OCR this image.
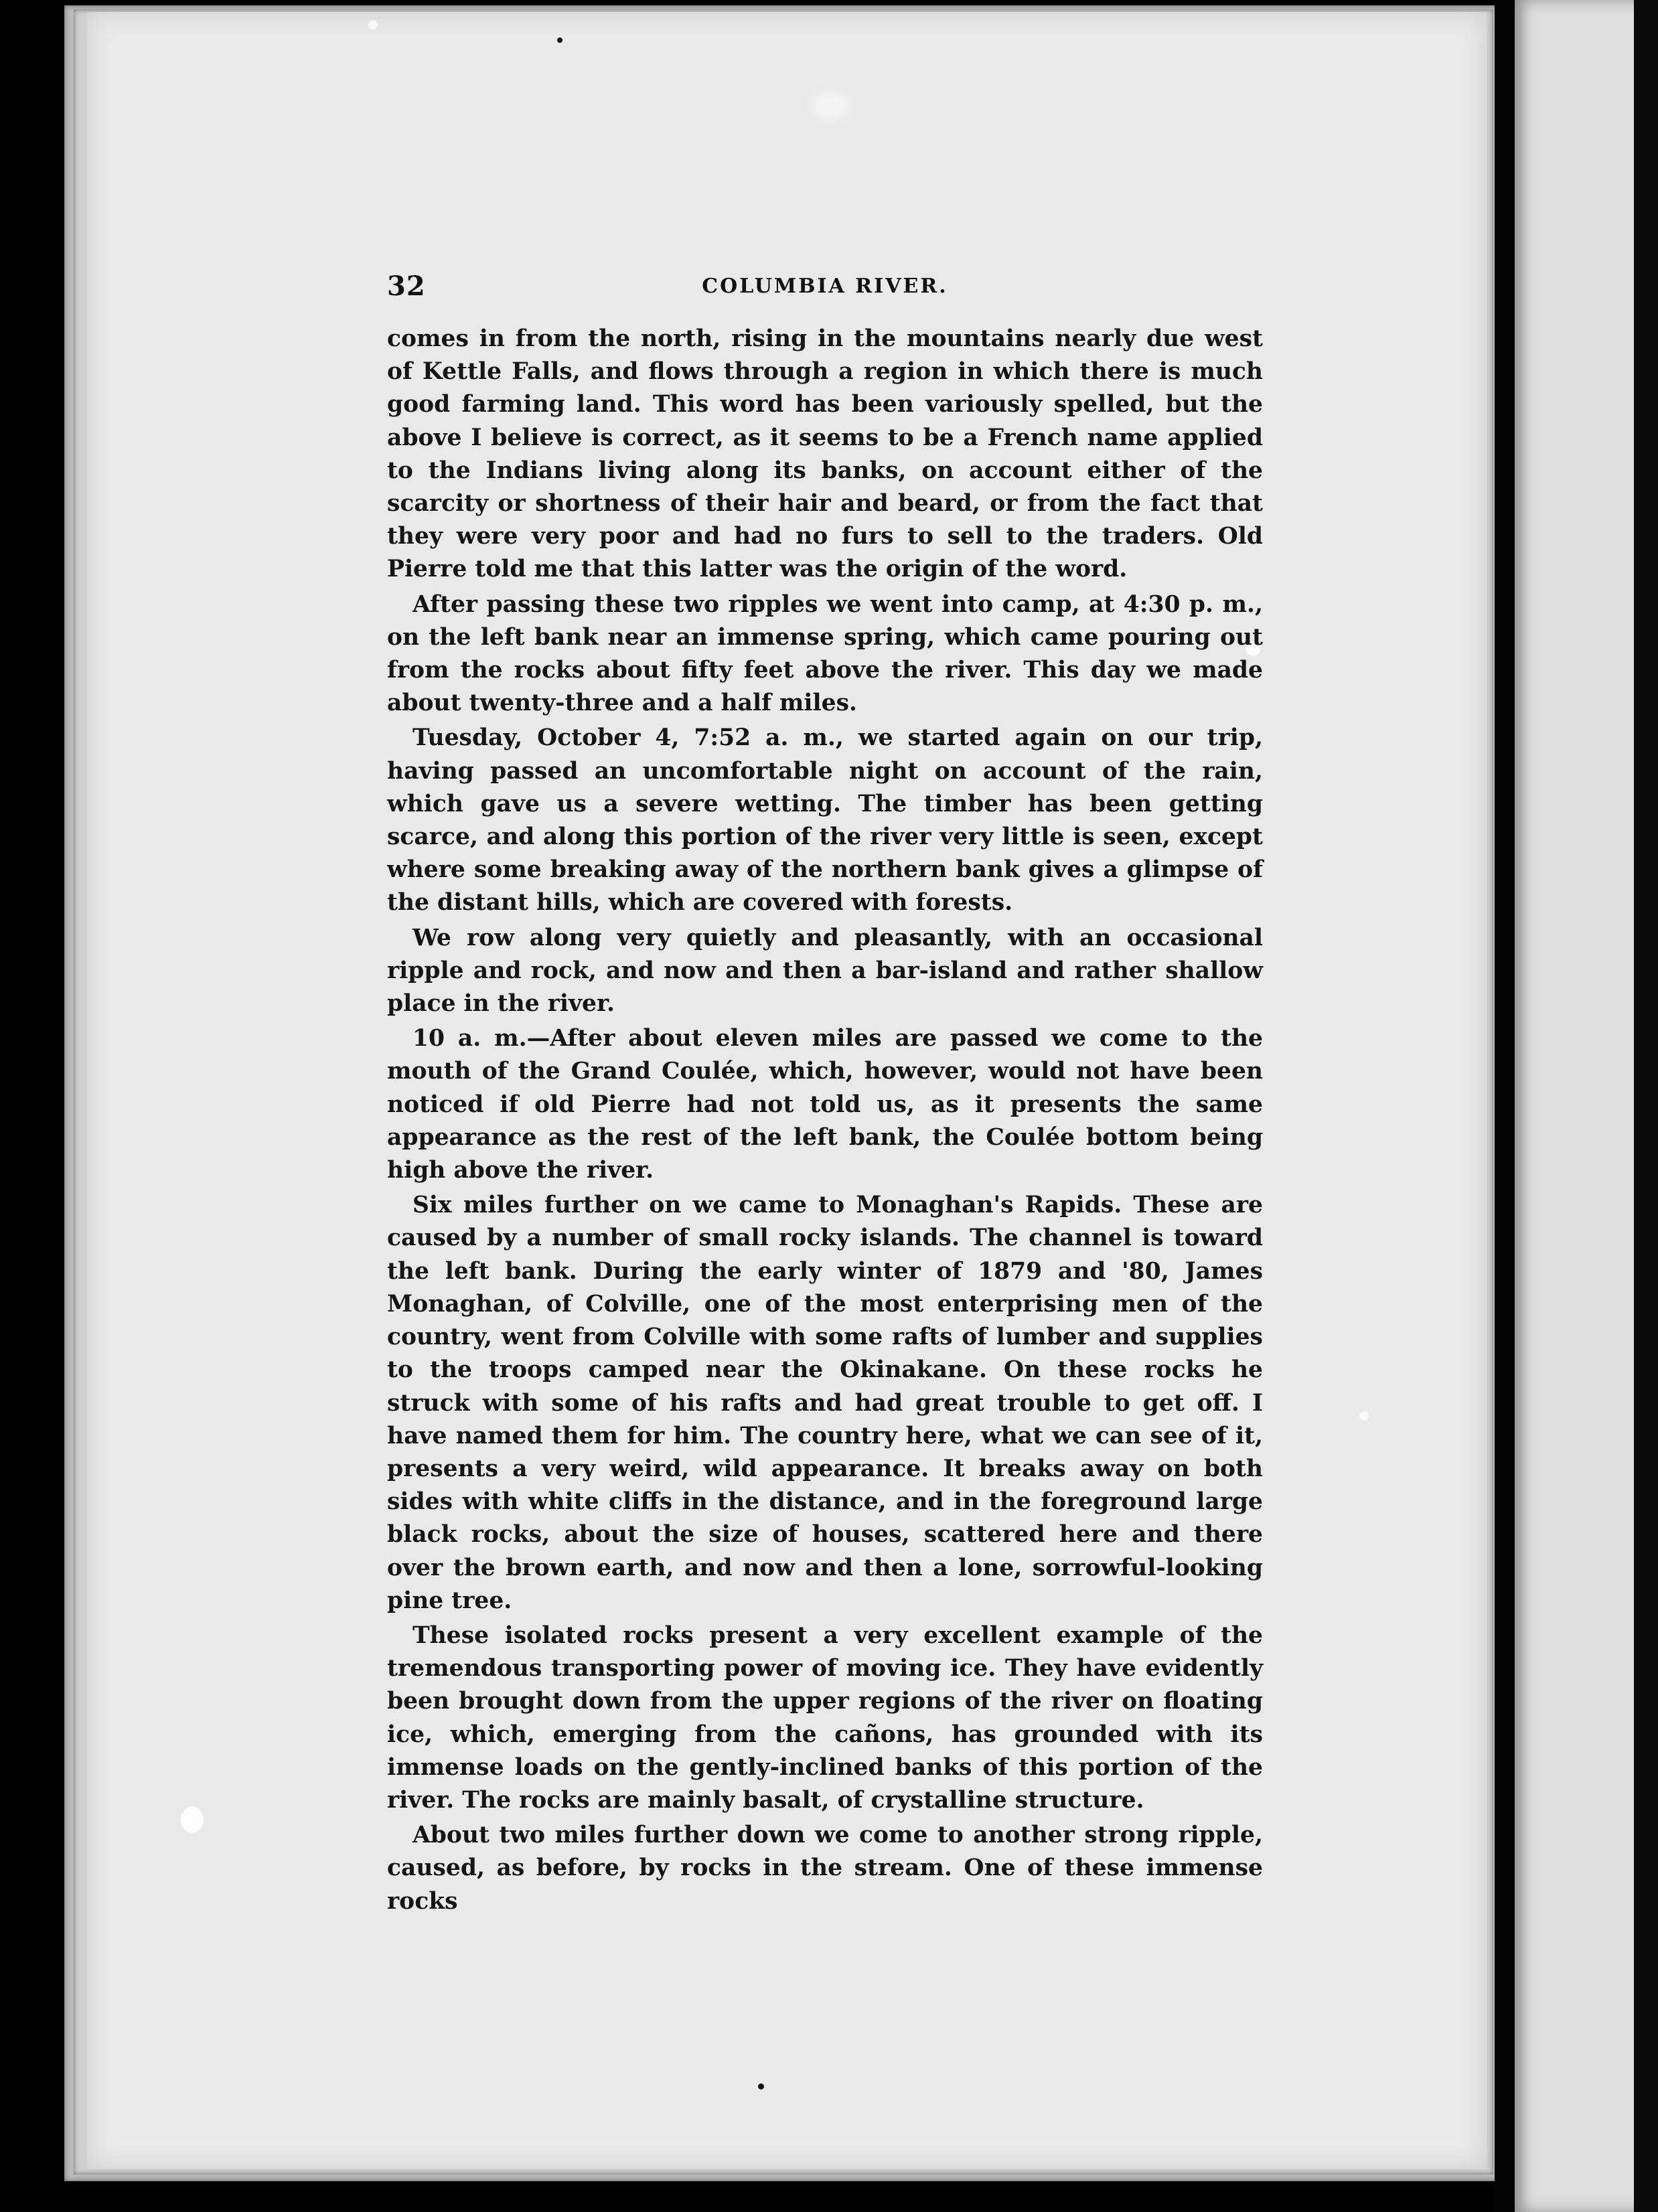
32	COLUMBIA RIVER.

comes in from the north, rising in the mountains nearly due west of Kettle Falls, and flows through a region in which there is much good farming land. This word has been variously spelled, but the above I believe is correct, as it seems to be a French name applied to the Indians living along its banks, on account either of the scarcity or shortness of their hair and beard, or from the fact that they were very poor and had no furs to sell to the traders. Old Pierre told me that this latter was the origin of the word.

After passing these two ripples we went into camp, at 4:30 p. m., on the left bank near an immense spring, which came pouring out from the rocks about fifty feet above the river. This day we made about twenty-three and a half miles.

Tuesday, October 4, 7:52 a. m., we started again on our trip, having passed an uncomfortable night on account of the rain, which gave us a severe wetting. The timber has been getting scarce, and along this portion of the river very little is seen, except where some breaking away of the northern bank gives a glimpse of the distant hills, which are covered with forests.

We row along very quietly and pleasantly, with an occasional ripple and rock, and now and then a bar-island and rather shallow place in the river.

10 a. m.—After about eleven miles are passed we come to the mouth of the Grand Coulée, which, however, would not have been noticed if old Pierre had not told us, as it presents the same appearance as the rest of the left bank, the Coulée bottom being high above the river.

Six miles further on we came to Monaghan's Rapids. These are caused by a number of small rocky islands. The channel is toward the left bank. During the early winter of 1879 and '80, James Monaghan, of Colville, one of the most enterprising men of the country, went from Colville with some rafts of lumber and supplies to the troops camped near the Okinakane. On these rocks he struck with some of his rafts and had great trouble to get off. I have named them for him. The country here, what we can see of it, presents a very weird, wild appearance. It breaks away on both sides with white cliffs in the distance, and in the foreground large black rocks, about the size of houses, scattered here and there over the brown earth, and now and then a lone, sorrowful-looking pine tree.

These isolated rocks present a very excellent example of the tremendous transporting power of moving ice. They have evidently been brought down from the upper regions of the river on floating ice, which, emerging from the cañons, has grounded with its immense loads on the gently-inclined banks of this portion of the river. The rocks are mainly basalt, of crystalline structure.

About two miles further down we come to another strong ripple, caused, as before, by rocks in the stream. One of these immense rocks
